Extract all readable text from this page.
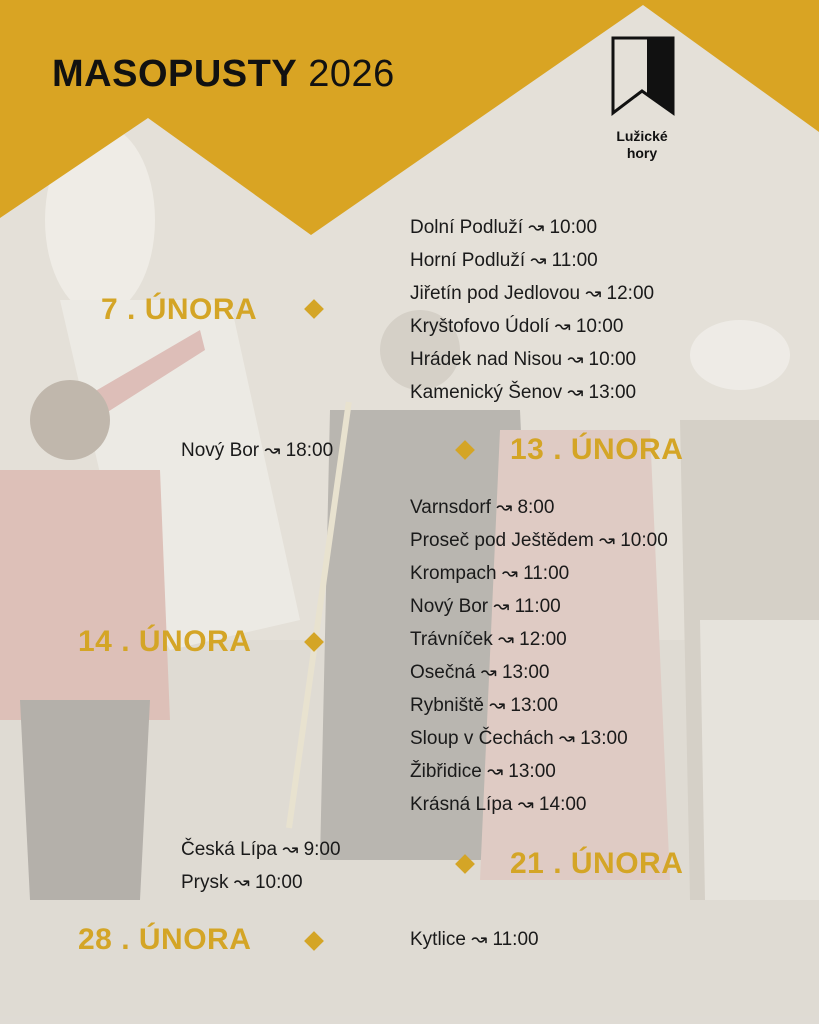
MASOPUSTY 2026
Lužické
hory
7 . ÚNORA
Dolní Podluží ↝ 10:00
Horní Podluží ↝ 11:00
Jiřetín pod Jedlovou ↝ 12:00
Kryštofovo Údolí ↝ 10:00
Hrádek nad Nisou ↝ 10:00
Kamenický Šenov ↝ 13:00
Nový Bor ↝ 18:00	13 . ÚNORA
14 . ÚNORA
Varnsdorf ↝ 8:00
Proseč pod Ještědem ↝ 10:00
Krompach ↝ 11:00
Nový Bor ↝ 11:00
Trávníček ↝ 12:00
Osečná ↝ 13:00
Rybniště ↝ 13:00
Sloup v Čechách ↝ 13:00
Žibřidice ↝ 13:00
Krásná Lípa ↝ 14:00
Česká Lípa ↝ 9:00
Prysk ↝ 10:00
21 . ÚNORA
28 . ÚNORA	Kytlice ↝ 11:00
